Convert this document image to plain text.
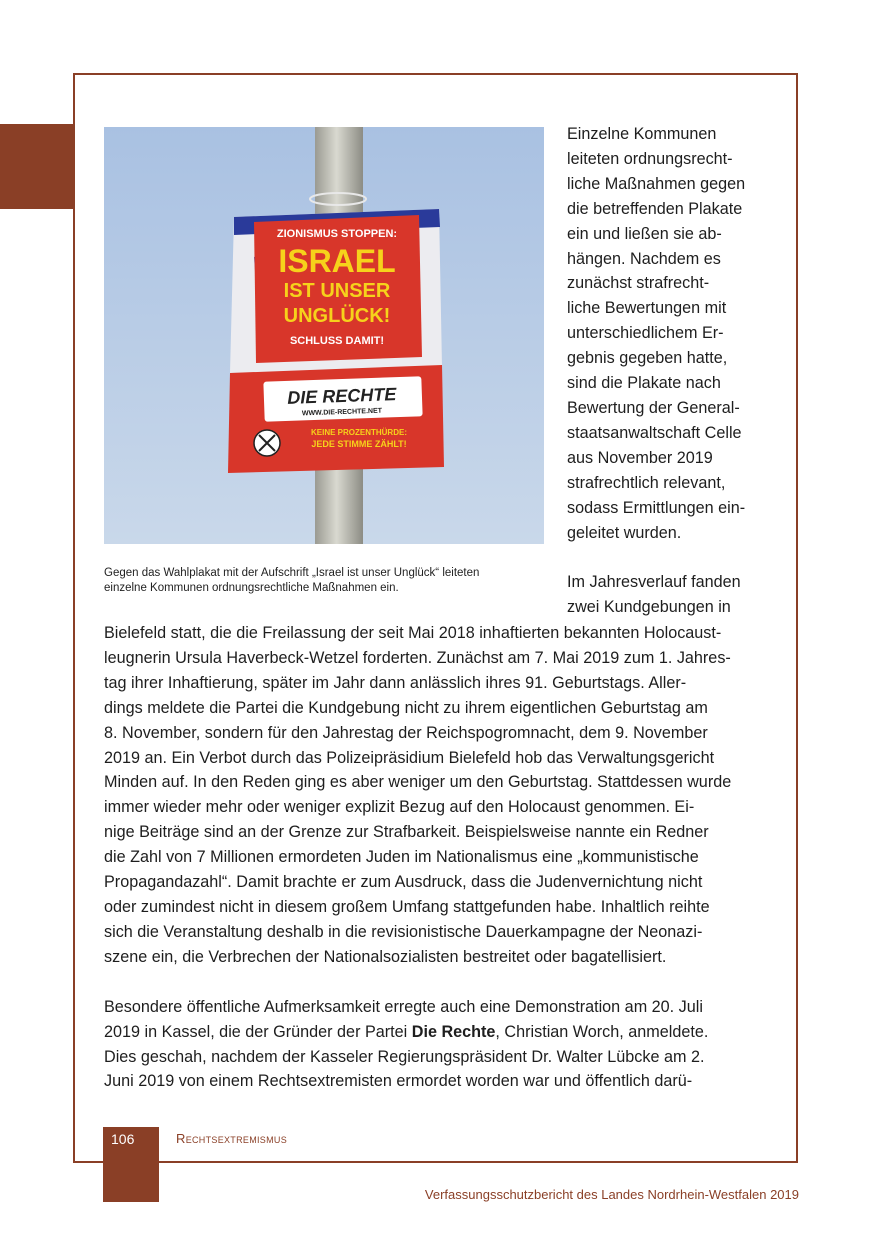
ZIONISMUS STOPPEN:
ISRAEL
IST UNSER
UNGLÜCK!
SCHLUSS DAMIT!
DIE RECHTE
WWW.DIE-RECHTE.NET
KEINE PROZENTHÜRDE:
JEDE STIMME ZÄHLT!
Gegen das Wahlplakat mit der Aufschrift „Israel ist unser Unglück“ leiteten
einzelne Kommunen ordnungsrechtliche Maßnahmen ein.

Einzelne Kommunen

leiteten ordnungsrecht-

liche Maßnahmen gegen

die betreffenden Plakate

ein und ließen sie ab-

hängen. Nachdem es

zunächst strafrecht-

liche Bewertungen mit

unterschiedlichem Er-

gebnis gegeben hatte,

sind die Plakate nach

Bewertung der General-

staatsanwaltschaft Celle

aus November 2019

strafrechtlich relevant,

sodass Ermittlungen ein-

geleitet wurden.

Im Jahresverlauf fanden

zwei Kundgebungen in

Bielefeld statt, die die Freilassung der seit Mai 2018 inhaftierten bekannten Holocaust-

leugnerin Ursula Haverbeck-Wetzel forderten. Zunächst am 7. Mai 2019 zum 1. Jahres-

tag ihrer Inhaftierung, später im Jahr dann anlässlich ihres 91. Geburtstags. Aller-

dings meldete die Partei die Kundgebung nicht zu ihrem eigentlichen Geburtstag am

8. November, sondern für den Jahrestag der Reichspogromnacht, dem 9. November

2019 an. Ein Verbot durch das Polizeipräsidium Bielefeld hob das Verwaltungsgericht

Minden auf. In den Reden ging es aber weniger um den Geburtstag. Stattdessen wurde

immer wieder mehr oder weniger explizit Bezug auf den Holocaust genommen. Ei-

nige Beiträge sind an der Grenze zur Strafbarkeit. Beispielsweise nannte ein Redner

die Zahl von 7 Millionen ermordeten Juden im Nationalismus eine „kommunistische

Propagandazahl“. Damit brachte er zum Ausdruck, dass die Judenvernichtung nicht

oder zumindest nicht in diesem großem Umfang stattgefunden habe. Inhaltlich reihte

sich die Veranstaltung deshalb in die revisionistische Dauerkampagne der Neonazi-

szene ein, die Verbrechen der Nationalsozialisten bestreitet oder bagatellisiert.

Besondere öffentliche Aufmerksamkeit erregte auch eine Demonstration am 20. Juli

2019 in Kassel, die der Gründer der Partei Die Rechte, Christian Worch, anmeldete.

Dies geschah, nachdem der Kasseler Regierungspräsident Dr. Walter Lübcke am 2.

Juni 2019 von einem Rechtsextremisten ermordet worden war und öffentlich darü-

106	Rechtsextremismus
Verfassungsschutzbericht des Landes Nordrhein-Westfalen 2019
